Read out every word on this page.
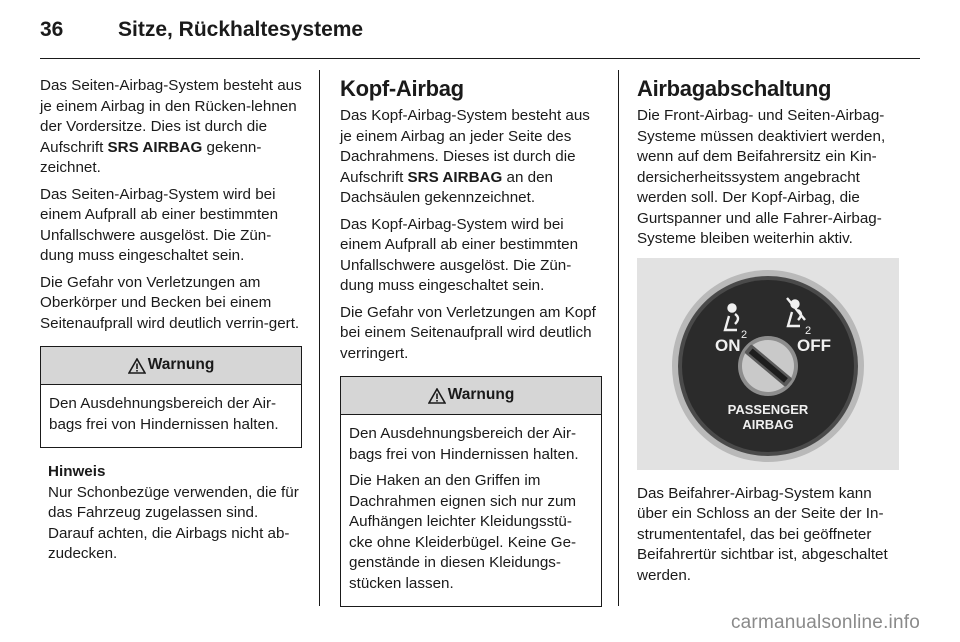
36	Sitze, Rückhaltesysteme

Das Seiten-Airbag-System besteht aus je einem Airbag in den Rücken-lehnen der Vordersitze. Dies ist durch die Aufschrift SRS AIRBAG gekenn-zeichnet.

Das Seiten-Airbag-System wird bei einem Aufprall ab einer bestimmten Unfallschwere ausgelöst. Die Zün-dung muss eingeschaltet sein.

Die Gefahr von Verletzungen am Oberkörper und Becken bei einem Seitenaufprall wird deutlich verrin-gert.

Warnung

Den Ausdehnungsbereich der Air-bags frei von Hindernissen halten.

Hinweis
Nur Schonbezüge verwenden, die für das Fahrzeug zugelassen sind. Darauf achten, die Airbags nicht ab-zudecken.
Kopf-Airbag

Das Kopf-Airbag-System besteht aus je einem Airbag an jeder Seite des Dachrahmens. Dieses ist durch die Aufschrift SRS AIRBAG an den Dachsäulen gekennzeichnet.

Das Kopf-Airbag-System wird bei einem Aufprall ab einer bestimmten Unfallschwere ausgelöst. Die Zün-dung muss eingeschaltet sein.

Die Gefahr von Verletzungen am Kopf bei einem Seitenaufprall wird deutlich verringert.

Warnung

Den Ausdehnungsbereich der Air-bags frei von Hindernissen halten.

Die Haken an den Griffen im Dachrahmen eignen sich nur zum Aufhängen leichter Kleidungsstü-cke ohne Kleiderbügel. Keine Ge-genstände in diesen Kleidungs-stücken lassen.

Airbagabschaltung

Die Front-Airbag- und Seiten-Airbag-Systeme müssen deaktiviert werden, wenn auf dem Beifahrersitz ein Kin-dersicherheitssystem angebracht werden soll. Der Kopf-Airbag, die Gurtspanner und alle Fahrer-Airbag-Systeme bleiben weiterhin aktiv.

2	2
ON	OFF
PASSENGER
AIRBAG

Das Beifahrer-Airbag-System kann über ein Schloss an der Seite der In-strumententafel, das bei geöffneter Beifahrertür sichtbar ist, abgeschaltet werden.

carmanualsonline.info
